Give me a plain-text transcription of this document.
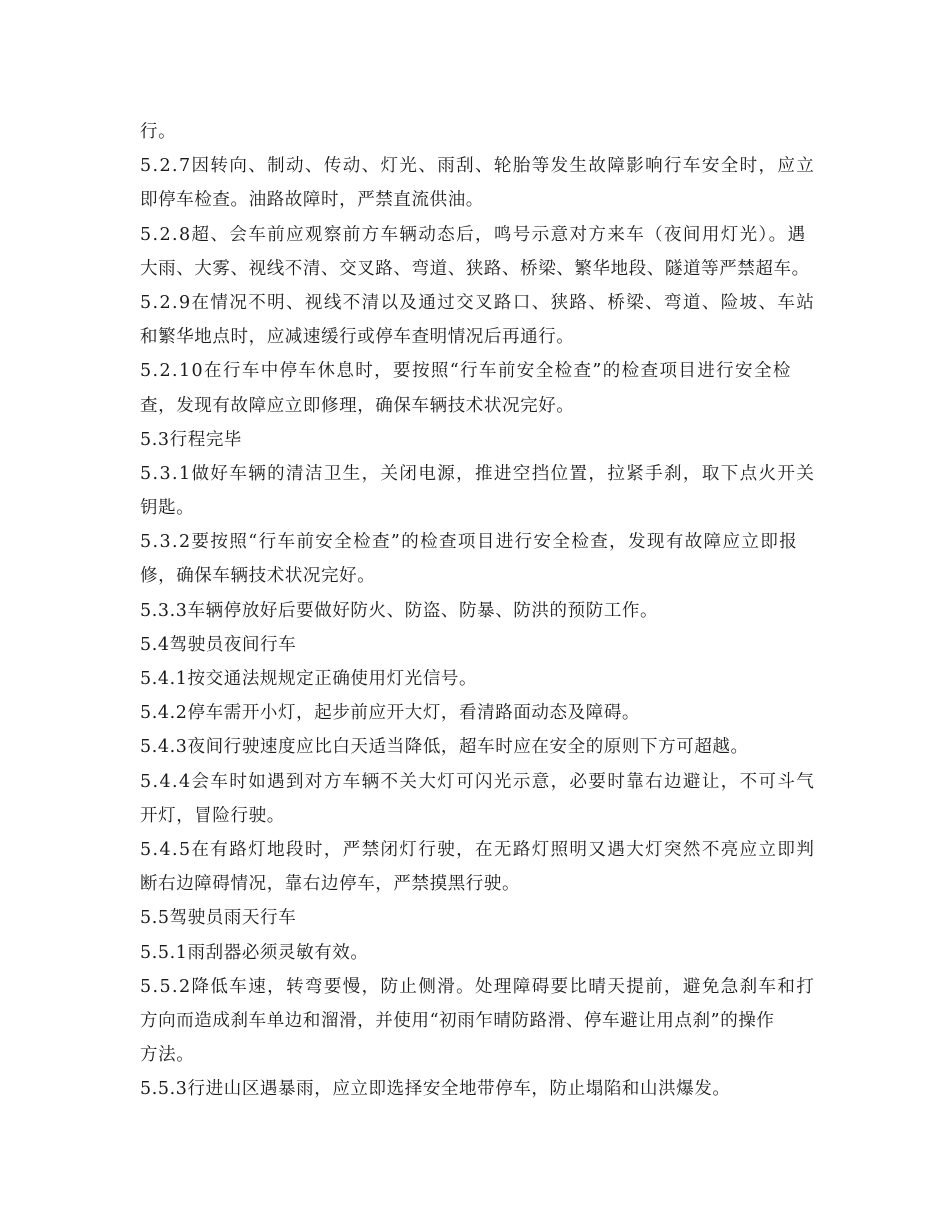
行。
5.2.7因转向、制动、传动、灯光、雨刮、轮胎等发生故障影响行车安全时，应立
即停车检查。油路故障时，严禁直流供油。
5.2.8超、会车前应观察前方车辆动态后，鸣号示意对方来车（夜间用灯光）。遇
大雨、大雾、视线不清、交叉路、弯道、狭路、桥梁、繁华地段、隧道等严禁超车。
5.2.9在情况不明、视线不清以及通过交叉路口、狭路、桥梁、弯道、险坡、车站
和繁华地点时，应减速缓行或停车查明情况后再通行。
5.2.10在行车中停车休息时，要按照“行车前安全检查”的检查项目进行安全检
查，发现有故障应立即修理，确保车辆技术状况完好。
5.3行程完毕
5.3.1做好车辆的清洁卫生，关闭电源，推进空挡位置，拉紧手刹，取下点火开关
钥匙。
5.3.2要按照“行车前安全检查”的检查项目进行安全检查，发现有故障应立即报
修，确保车辆技术状况完好。
5.3.3车辆停放好后要做好防火、防盗、防暴、防洪的预防工作。
5.4驾驶员夜间行车
5.4.1按交通法规规定正确使用灯光信号。
5.4.2停车需开小灯，起步前应开大灯，看清路面动态及障碍。
5.4.3夜间行驶速度应比白天适当降低，超车时应在安全的原则下方可超越。
5.4.4会车时如遇到对方车辆不关大灯可闪光示意，必要时靠右边避让，不可斗气
开灯，冒险行驶。
5.4.5在有路灯地段时，严禁闭灯行驶，在无路灯照明又遇大灯突然不亮应立即判
断右边障碍情况，靠右边停车，严禁摸黑行驶。
5.5驾驶员雨天行车
5.5.1雨刮器必须灵敏有效。
5.5.2降低车速，转弯要慢，防止侧滑。处理障碍要比晴天提前，避免急刹车和打
方向而造成刹车单边和溜滑，并使用“初雨乍晴防路滑、停车避让用点刹”的操作
方法。
5.5.3行进山区遇暴雨，应立即选择安全地带停车，防止塌陷和山洪爆发。
